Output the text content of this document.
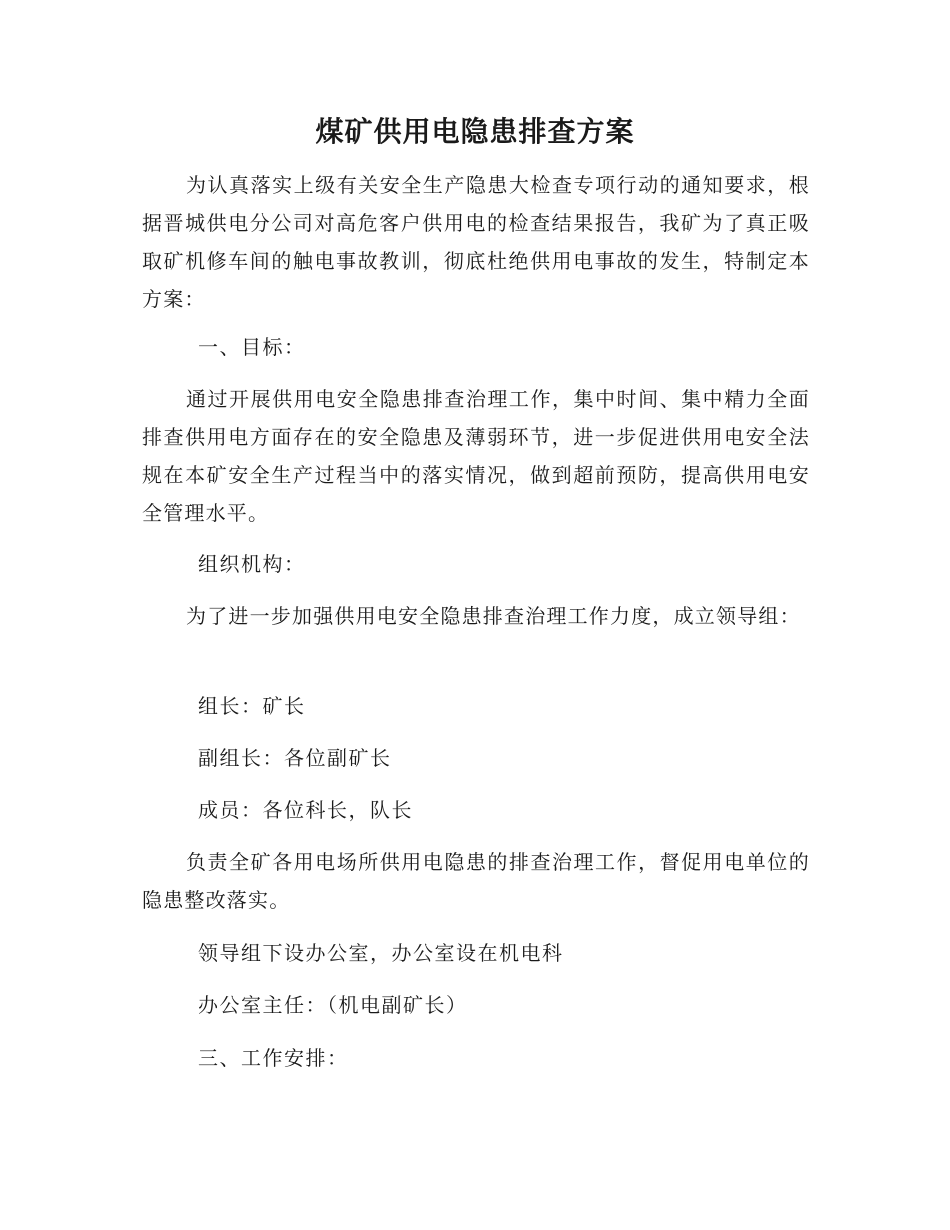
煤矿供用电隐患排查方案

为认真落实上级有关安全生产隐患大检查专项行动的通知要求，根据晋城供电分公司对高危客户供用电的检查结果报告，我矿为了真正吸取矿机修车间的触电事故教训，彻底杜绝供用电事故的发生，特制定本方案：

一、目标：

通过开展供用电安全隐患排查治理工作，集中时间、集中精力全面排查供用电方面存在的安全隐患及薄弱环节，进一步促进供用电安全法规在本矿安全生产过程当中的落实情况，做到超前预防，提高供用电安全管理水平。

组织机构：

为了进一步加强供用电安全隐患排查治理工作力度，成立领导组：

组长：矿长

副组长：各位副矿长

成员：各位科长，队长

负责全矿各用电场所供用电隐患的排查治理工作，督促用电单位的隐患整改落实。

领导组下设办公室，办公室设在机电科

办公室主任：（机电副矿长）

三、工作安排：
